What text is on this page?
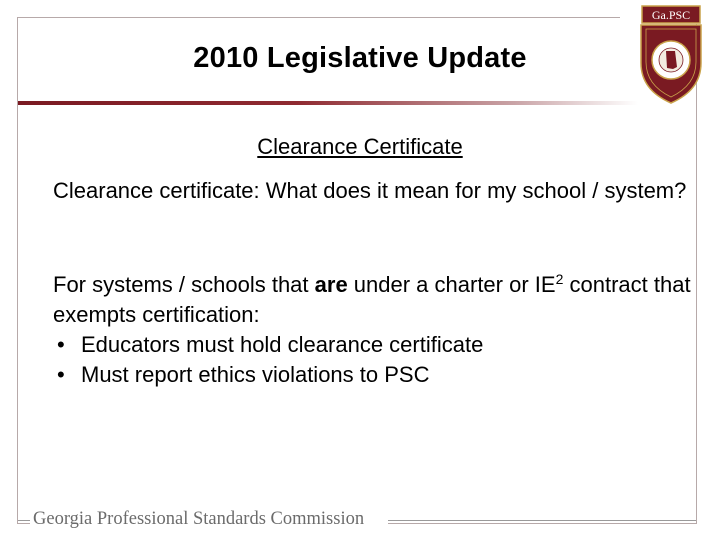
2010 Legislative Update
Ga.PSC
Clearance Certificate
Clearance certificate: What does it mean for my school / system?
For systems / schools that are under a charter or $IE^2$ contract that exempts certification:
• Educators must hold clearance certificate
• Must report ethics violations to PSC
Georgia Professional Standards Commission
